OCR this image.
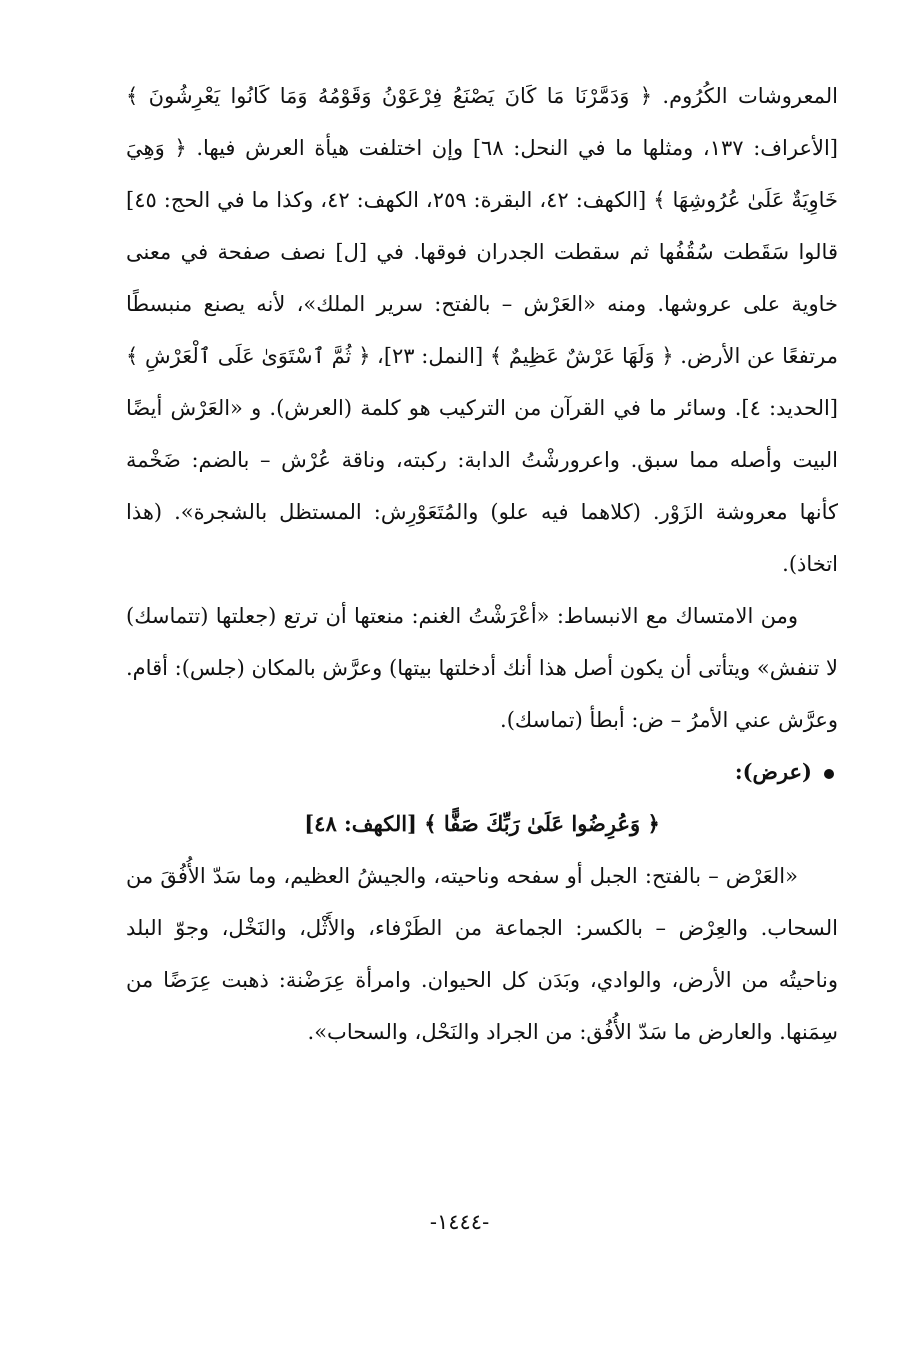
المعروشات الكُرُوم. ﴿ وَدَمَّرْنَا مَا كَانَ يَصْنَعُ فِرْعَوْنُ وَقَوْمُهُ وَمَا كَانُوا يَعْرِشُونَ ﴾ [الأعراف: ١٣٧، ومثلها ما في النحل: ٦٨] وإن اختلفت هيأة العرش فيها. ﴿ وَهِيَ خَاوِيَةٌ عَلَىٰ عُرُوشِهَا ﴾ [الكهف: ٤٢، البقرة: ٢٥٩، الكهف: ٤٢، وكذا ما في الحج: ٤٥] قالوا سَقَطت سُقُفُها ثم سقطت الجدران فوقها. في [ل] نصف صفحة في معنى خاوية على عروشها. ومنه «العَرْش – بالفتح: سرير الملك»، لأنه يصنع منبسطًا مرتفعًا عن الأرض. ﴿ وَلَهَا عَرْشٌ عَظِيمٌ ﴾ [النمل: ٢٣]، ﴿ ثُمَّ ٱسْتَوَىٰ عَلَى ٱلْعَرْشِ ﴾ [الحديد: ٤]. وسائر ما في القرآن من التركيب هو كلمة (العرش). و «العَرْش أيضًا البيت وأصله مما سبق. واعرورشْتُ الدابة: ركبته، وناقة عُرْش – بالضم: ضَخْمة كأنها معروشة الزَوْر. (كلاهما فيه علو) والمُتَعَوْرِش: المستظل بالشجرة». (هذا اتخاذ).

ومن الامتساك مع الانبساط: «أعْرَشْتُ الغنم: منعتها أن ترتع (جعلتها (تتماسك) لا تنفش» ويتأتى أن يكون أصل هذا أنك أدخلتها بيتها) وعرَّش بالمكان (جلس): أقام. وعرَّش عني الأمرُ – ض: أبطأ (تماسك).

(عرض):

﴿ وَعُرِضُوا عَلَىٰ رَبِّكَ صَفًّا ﴾ [الكهف: ٤٨]

«العَرْض – بالفتح: الجبل أو سفحه وناحيته، والجيشُ العظيم، وما سَدّ الأُفُقَ من السحاب. والعِرْض – بالكسر: الجماعة من الطَرْفاء، والأَثْل، والنَخْل، وجوّ البلد وناحيتُه من الأرض، والوادي، وبَدَن كل الحيوان. وامرأة عِرَضْنة: ذهبت عِرَضًا من سِمَنها. والعارض ما سَدّ الأُفُق: من الجراد والنَحْل، والسحاب».

-١٤٤٤-
